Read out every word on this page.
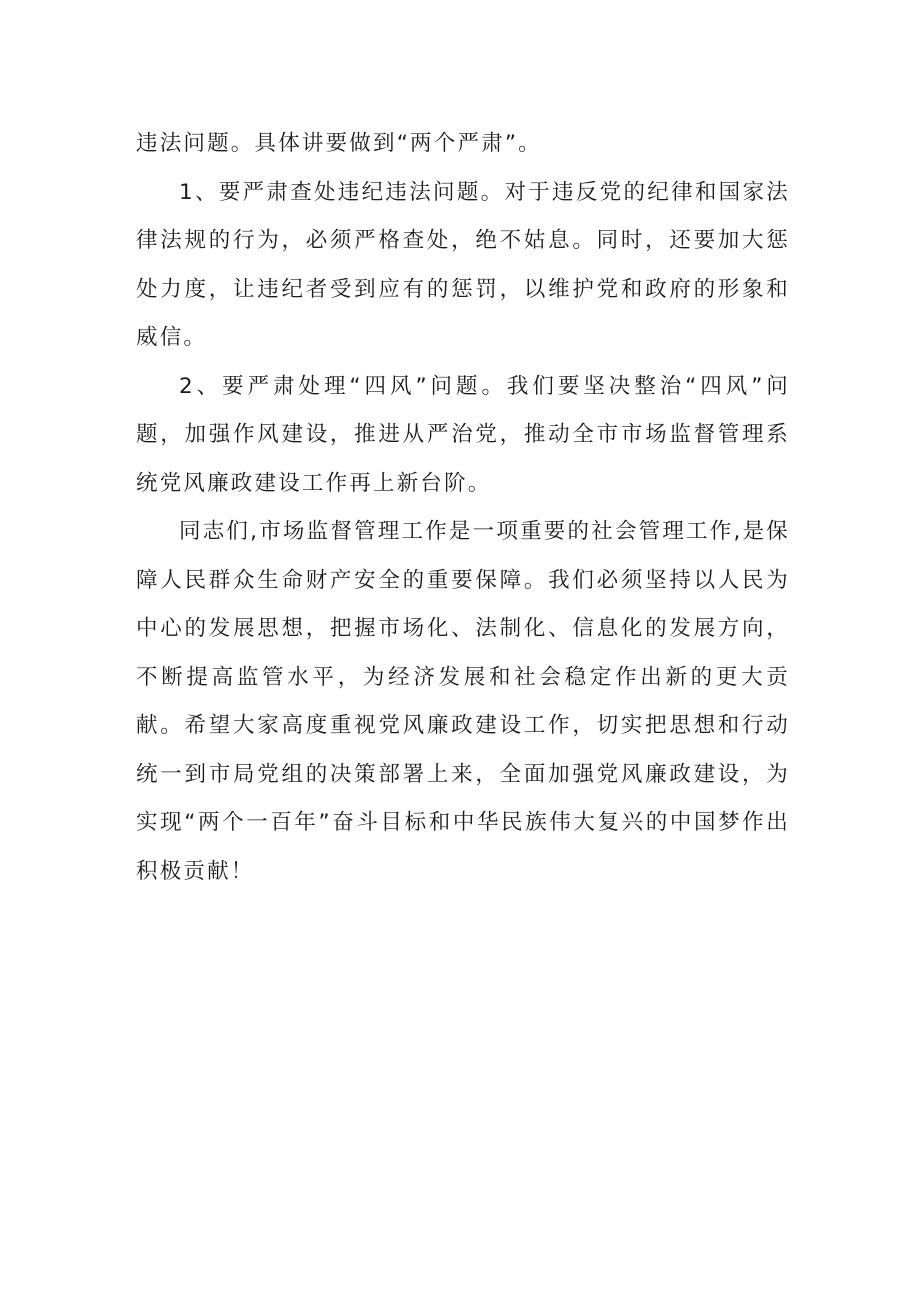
违法问题。具体讲要做到“两个严肃”。

1、要严肃查处违纪违法问题。对于违反党的纪律和国家法律法规的行为，必须严格查处，绝不姑息。同时，还要加大惩处力度，让违纪者受到应有的惩罚，以维护党和政府的形象和威信。

2、要严肃处理“四风”问题。我们要坚决整治“四风”问题，加强作风建设，推进从严治党，推动全市市场监督管理系统党风廉政建设工作再上新台阶。

同志们,市场监督管理工作是一项重要的社会管理工作,是保障人民群众生命财产安全的重要保障。我们必须坚持以人民为中心的发展思想，把握市场化、法制化、信息化的发展方向，不断提高监管水平，为经济发展和社会稳定作出新的更大贡献。希望大家高度重视党风廉政建设工作，切实把思想和行动统一到市局党组的决策部署上来，全面加强党风廉政建设，为实现“两个一百年”奋斗目标和中华民族伟大复兴的中国梦作出积极贡献！
